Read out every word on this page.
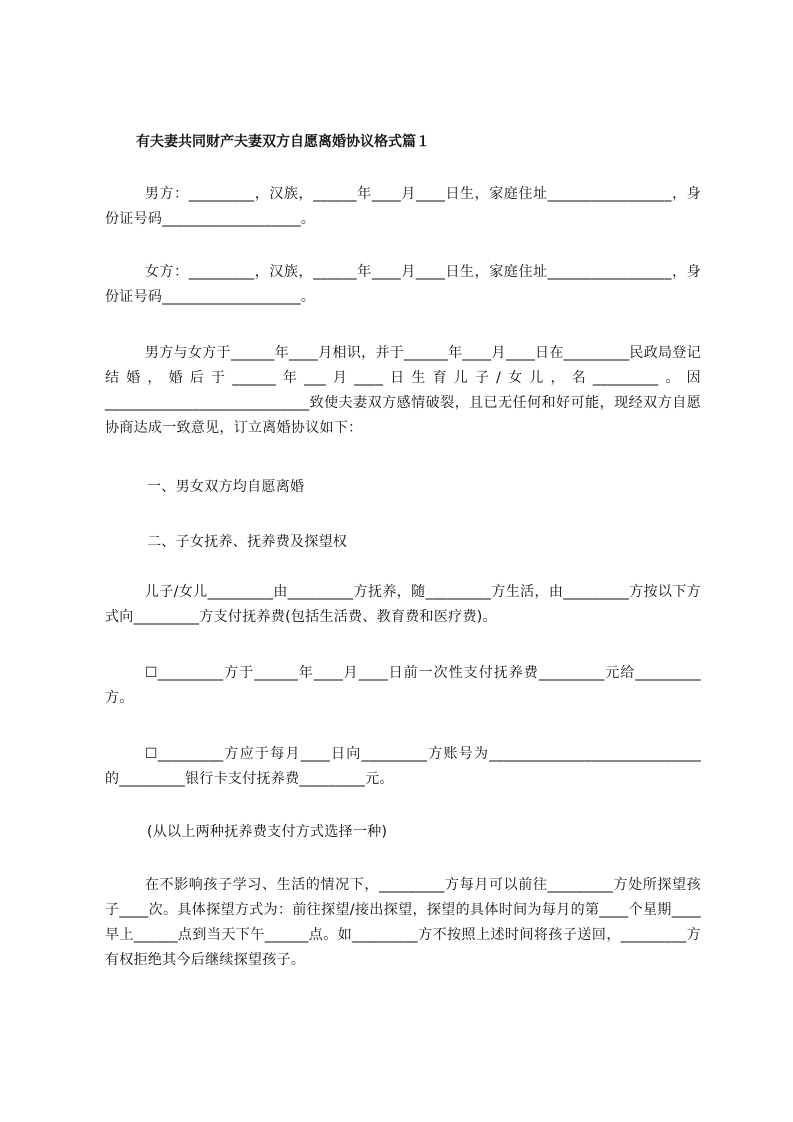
有夫妻共同财产夫妻双方自愿离婚协议格式篇１
男方：_________，汉族，______年____月____日生，家庭住址_________________，身份证号码___________________。
女方：_________，汉族，______年____月____日生，家庭住址_________________，身份证号码___________________。
男方与女方于______年____月相识，并于______年____月____日在_________民政局登记结婚，婚后于______年___月____日生育儿子/女儿，名_________。因____________________________致使夫妻双方感情破裂，且已无任何和好可能，现经双方自愿协商达成一致意见，订立离婚协议如下：
一、男女双方均自愿离婚
二、子女抚养、抚养费及探望权
儿子/女儿_________由_________方抚养，随_________方生活，由_________方按以下方式向_________方支付抚养费(包括生活费、教育费和医疗费)。
☐_________方于______年____月____日前一次性支付抚养费_________元给_________方。
☐_________方应于每月____日向_________方账号为_____________________________的_________银行卡支付抚养费_________元。
(从以上两种抚养费支付方式选择一种)
在不影响孩子学习、生活的情况下，_________方每月可以前往_________方处所探望孩子____次。具体探望方式为：前往探望/接出探望，探望的具体时间为每月的第____个星期____早上______点到当天下午______点。如_________方不按照上述时间将孩子送回，_________方有权拒绝其今后继续探望孩子。
